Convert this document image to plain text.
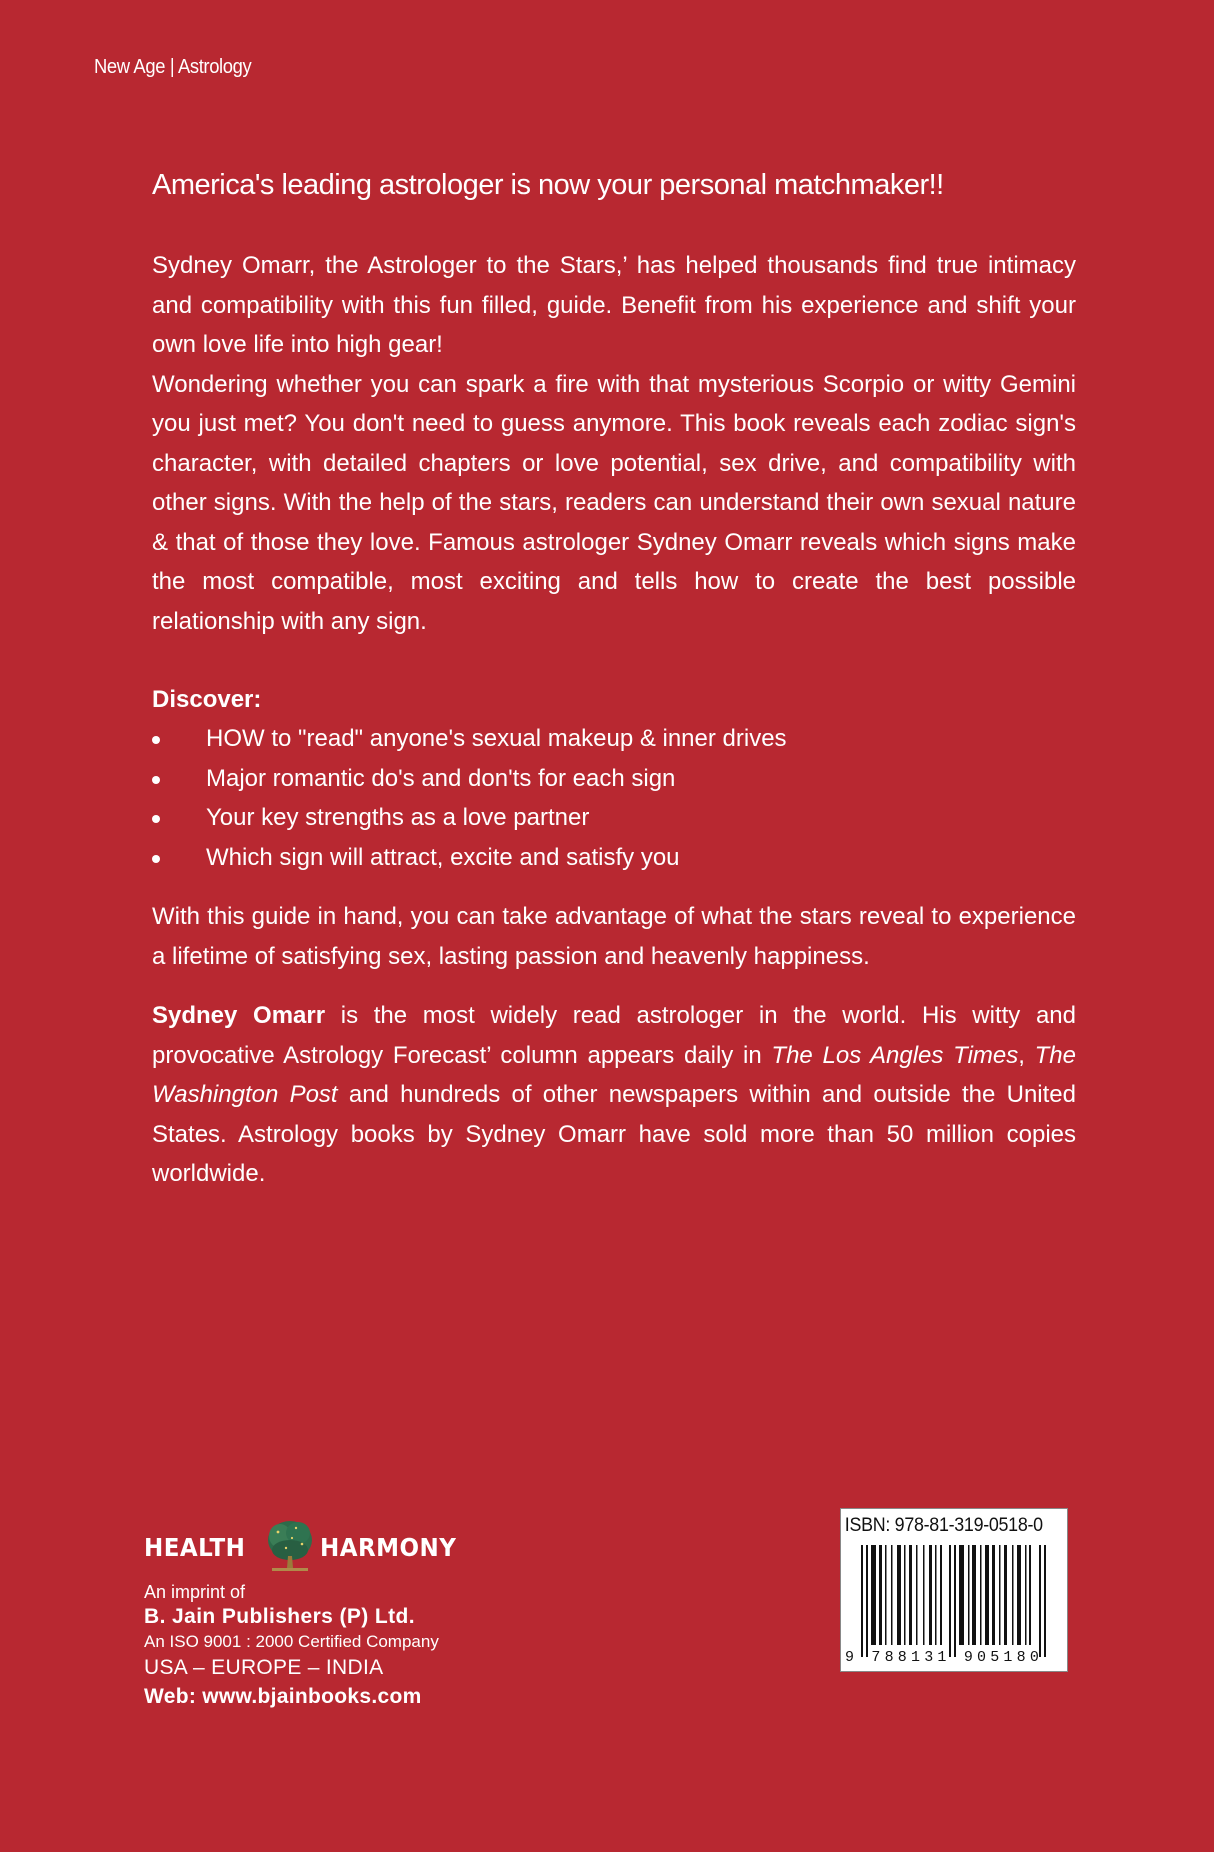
New Age | Astrology
America's leading astrologer is now your personal matchmaker!!

Sydney Omarr, the Astrologer to the Stars,’ has helped thousands find true intimacy and compatibility with this fun filled, guide. Benefit from his experience and shift your own love life into high gear!

Wondering whether you can spark a fire with that mysterious Scorpio or witty Gemini you just met? You don't need to guess anymore. This book reveals each zodiac sign's character, with detailed chapters or love potential, sex drive, and compatibility with other signs. With the help of the stars, readers can understand their own sexual nature & that of those they love. Famous astrologer Sydney Omarr reveals which signs make the most compatible, most exciting and tells how to create the best possible relationship with any sign.

Discover:
HOW to "read" anyone's sexual makeup & inner drives
Major romantic do's and don'ts for each sign
Your key strengths as a love partner
Which sign will attract, excite and satisfy you

With this guide in hand, you can take advantage of what the stars reveal to experience a lifetime of satisfying sex, lasting passion and heavenly happiness.

Sydney Omarr is the most widely read astrologer in the world. His witty and provocative Astrology Forecast’ column appears daily in The Los Angles Times, The Washington Post and hundreds of other newspapers within and outside the United States. Astrology books by Sydney Omarr have sold more than 50 million copies worldwide.

HEALTH	HARMONY
An imprint of
B. Jain Publishers (P) Ltd.
An ISO 9001 : 2000 Certified Company
USA – EUROPE – INDIA
Web: www.bjainbooks.com
ISBN: 978-81-319-0518-0
9 788131 905180
